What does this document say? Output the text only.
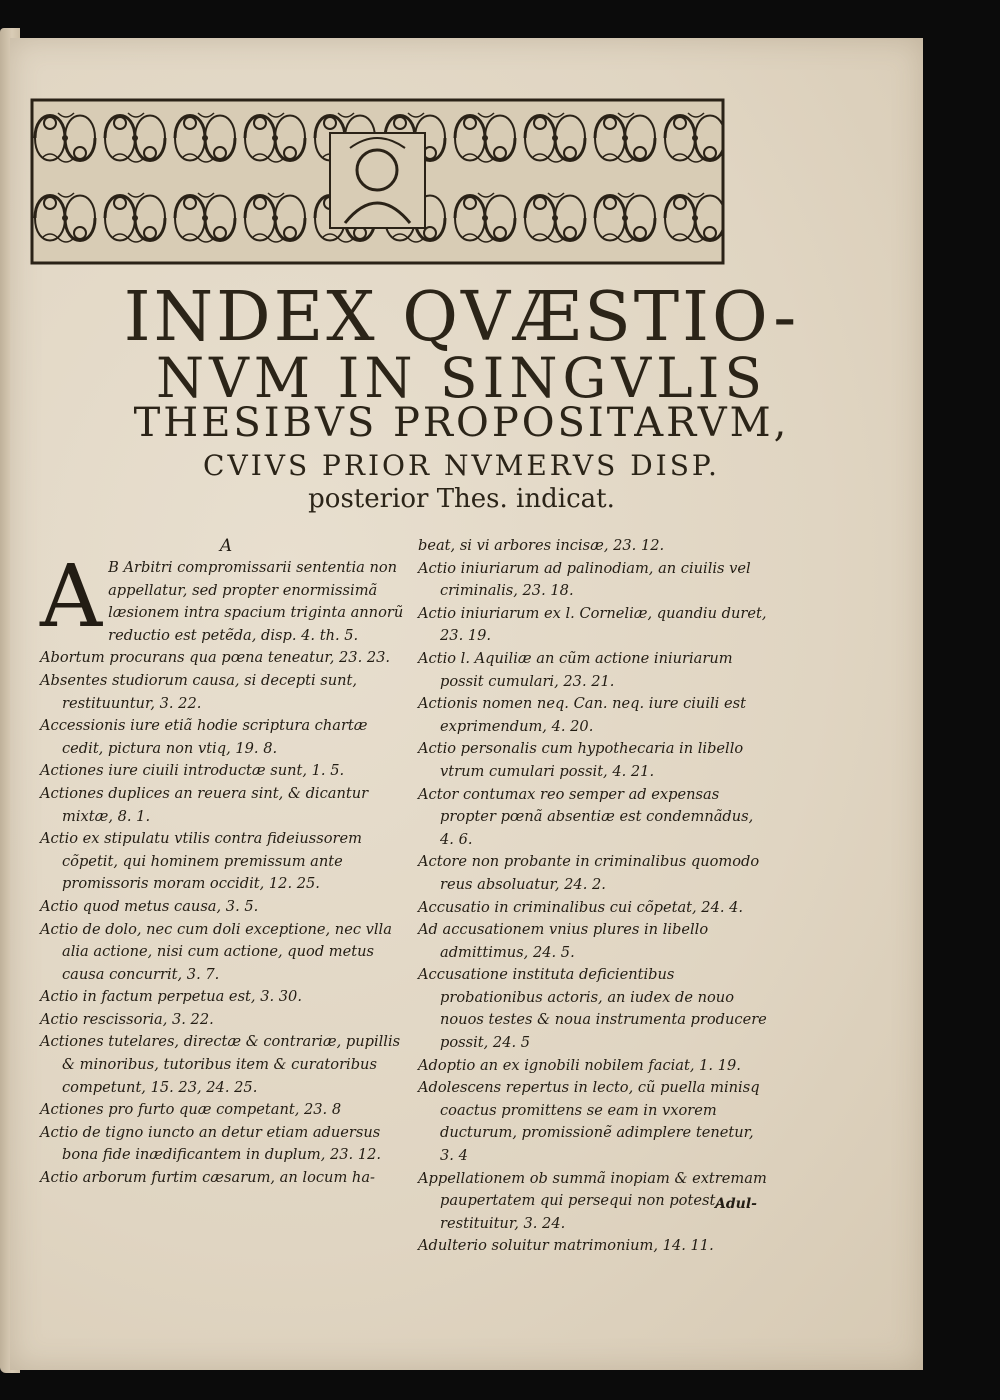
INDEX QVÆSTIO-
NVM IN SINGVLIS
THESIBVS PROPOSITARVM,
CVIVS PRIOR NVMERVS DISP.
posterior Thes. indicat.
A

A B Arbitri compromissarii sententia non appellatur, sed propter enormissimã læsionem intra spacium triginta annorũ reductio est petẽda, disp. 4. th. 5.

Abortum procurans qua pœna teneatur, 23. 23.

Absentes studiorum causa, si decepti sunt, restituuntur, 3. 22.

Accessionis iure etiã hodie scriptura chartæ cedit, pictura non vtiq, 19. 8.

Actiones iure ciuili introductæ sunt, 1. 5.

Actiones duplices an reuera sint, & dicantur mixtæ, 8. 1.

Actio ex stipulatu vtilis contra fideiussorem cõpetit, qui hominem premissum ante promissoris moram occidit, 12. 25.

Actio quod metus causa, 3. 5.

Actio de dolo, nec cum doli exceptione, nec vlla alia actione, nisi cum actione, quod metus causa concurrit, 3. 7.

Actio in factum perpetua est, 3. 30.

Actio rescissoria, 3. 22.

Actiones tutelares, directæ & contrariæ, pupillis & minoribus, tutoribus item & curatoribus competunt, 15. 23, 24. 25.

Actiones pro furto quæ competant, 23. 8

Actio de tigno iuncto an detur etiam aduersus bona fide inædificantem in duplum, 23. 12.

Actio arborum furtim cæsarum, an locum ha-

beat, si vi arbores incisæ, 23. 12.

Actio iniuriarum ad palinodiam, an ciuilis vel criminalis, 23. 18.

Actio iniuriarum ex l. Corneliæ, quandiu duret, 23. 19.

Actio l. Aquiliæ an cũm actione iniuriarum possit cumulari, 23. 21.

Actionis nomen neq. Can. neq. iure ciuili est exprimendum, 4. 20.

Actio personalis cum hypothecaria in libello vtrum cumulari possit, 4. 21.

Actor contumax reo semper ad expensas propter pœnã absentiæ est condemnãdus, 4. 6.

Actore non probante in criminalibus quomodo reus absoluatur, 24. 2.

Accusatio in criminalibus cui cõpetat, 24. 4.

Ad accusationem vnius plures in libello admittimus, 24. 5.

Accusatione instituta deficientibus probationibus actoris, an iudex de nouo nouos testes & noua instrumenta producere possit, 24. 5

Adoptio an ex ignobili nobilem faciat, 1. 19.

Adolescens repertus in lecto, cũ puella minisq coactus promittens se eam in vxorem ducturum, promissionẽ adimplere tenetur, 3. 4

Appellationem ob summã inopiam & extremam paupertatem qui persequi non potest, restituitur, 3. 24.

Adulterio soluitur matrimonium, 14. 11.

Adul-
